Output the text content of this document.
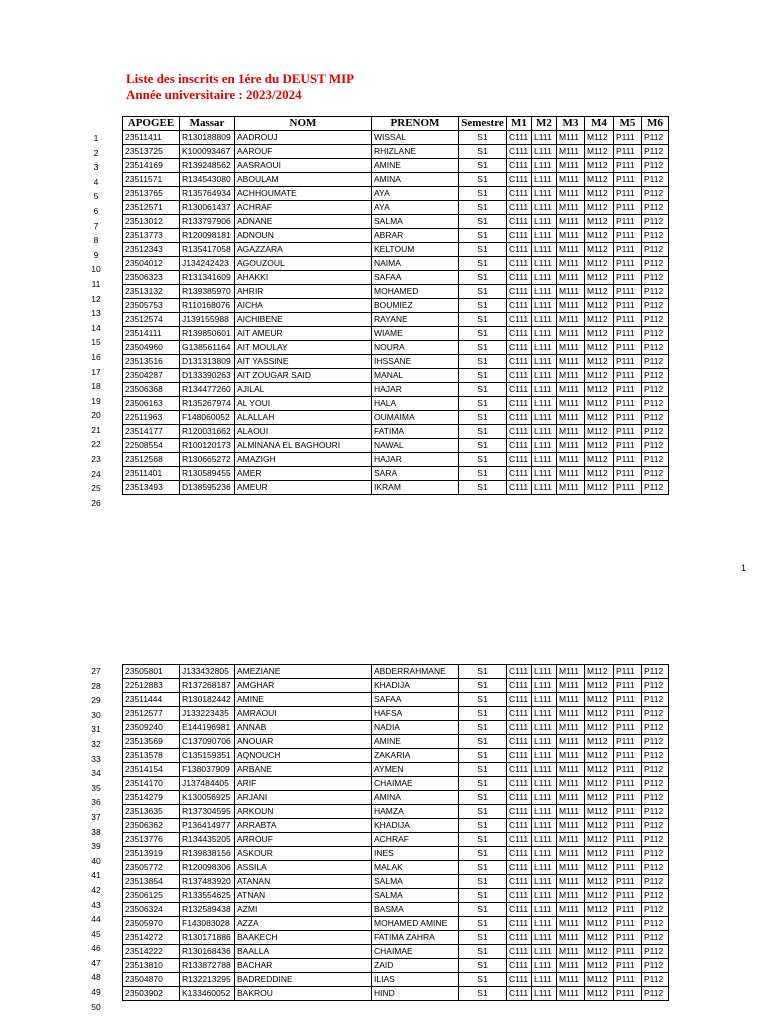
Liste des inscrits en 1ére du DEUST MIP
Année universitaire : 2023/2024
1
2
3
4
5
6
7
8
9
10
11
12
13
14
15
16
17
18
19
20
21
22
23
24
25
26
APOGEE	Massar	NOM	PRENOM	Semestre	M1	M2	M3	M4	M5	M6
23511411	R130188809	AADROUJ	WISSAL	S1	C111	L111	M111	M112	P111	P112
23513725	K100093467	AAROUF	RHIZLANE	S1	C111	L111	M111	M112	P111	P112
23514169	R139248562	AASRAOUI	AMINE	S1	C111	L111	M111	M112	P111	P112
23511571	R134543080	ABOULAM	AMINA	S1	C111	L111	M111	M112	P111	P112
23513765	R135764934	ACHHOUMATE	AYA	S1	C111	L111	M111	M112	P111	P112
23512571	R130061437	ACHRAF	AYA	S1	C111	L111	M111	M112	P111	P112
23513012	R133797906	ADNANE	SALMA	S1	C111	L111	M111	M112	P111	P112
23513773	R120098181	ADNOUN	ABRAR	S1	C111	L111	M111	M112	P111	P112
23512343	R135417058	AGAZZARA	KELTOUM	S1	C111	L111	M111	M112	P111	P112
23504012	J134242423	AGOUZOUL	NAIMA	S1	C111	L111	M111	M112	P111	P112
23506323	R131341609	AHAKKI	SAFAA	S1	C111	L111	M111	M112	P111	P112
23513132	R139385970	AHRIR	MOHAMED	S1	C111	L111	M111	M112	P111	P112
23505753	R110168076	AICHA	BOUMIEZ	S1	C111	L111	M111	M112	P111	P112
23512574	J139155988	AICHIBENE	RAYANE	S1	C111	L111	M111	M112	P111	P112
23514111	R139850601	AIT AMEUR	WIAME	S1	C111	L111	M111	M112	P111	P112
23504960	G138561164	AIT MOULAY	NOURA	S1	C111	L111	M111	M112	P111	P112
23513516	D131313809	AIT YASSINE	IHSSANE	S1	C111	L111	M111	M112	P111	P112
23504287	D133390263	AIT ZOUGAR SAID	MANAL	S1	C111	L111	M111	M112	P111	P112
23506368	R134477260	AJILAL	HAJAR	S1	C111	L111	M111	M112	P111	P112
23506163	R135267974	AL YOUI	HALA	S1	C111	L111	M111	M112	P111	P112
22511963	F148060052	ALALLAH	OUMAIMA	S1	C111	L111	M111	M112	P111	P112
23514177	R120031662	ALAOUI	FATIMA	S1	C111	L111	M111	M112	P111	P112
22508554	R100120173	ALMINANA EL BAGHOURI	NAWAL	S1	C111	L111	M111	M112	P111	P112
23512568	R130665272	AMAZIGH	HAJAR	S1	C111	L111	M111	M112	P111	P112
23511401	R130589455	AMER	SARA	S1	C111	L111	M111	M112	P111	P112
23513493	D138595236	AMEUR	IKRAM	S1	C111	L111	M111	M112	P111	P112
1
27
28
29
30
31
32
33
34
35
36
37
38
39
40
41
42
43
44
45
46
47
48
49
50
23505801	J133432805	AMEZIANE	ABDERRAHMANE	S1	C111	L111	M111	M112	P111	P112
22512883	R137268187	AMGHAR	KHADIJA	S1	C111	L111	M111	M112	P111	P112
23511444	R130182442	AMINE	SAFAA	S1	C111	L111	M111	M112	P111	P112
23512577	J133223435	AMRAOUI	HAFSA	S1	C111	L111	M111	M112	P111	P112
23509240	E144196981	ANNAB	NADIA	S1	C111	L111	M111	M112	P111	P112
23513569	C137090706	ANOUAR	AMINE	S1	C111	L111	M111	M112	P111	P112
23513578	C135159351	AQNOUCH	ZAKARIA	S1	C111	L111	M111	M112	P111	P112
23514154	F138037909	ARBANE	AYMEN	S1	C111	L111	M111	M112	P111	P112
23514170	J137484405	ARIF	CHAIMAE	S1	C111	L111	M111	M112	P111	P112
23514279	K130056925	ARJANI	AMINA	S1	C111	L111	M111	M112	P111	P112
23513635	R137304595	ARKOUN	HAMZA	S1	C111	L111	M111	M112	P111	P112
23506362	P136414977	ARRABTA	KHADIJA	S1	C111	L111	M111	M112	P111	P112
23513776	R134435205	ARROUF	ACHRAF	S1	C111	L111	M111	M112	P111	P112
23513919	R139838156	ASKOUR	INES	S1	C111	L111	M111	M112	P111	P112
23505772	R120098306	ASSILA	MALAK	S1	C111	L111	M111	M112	P111	P112
23513854	R137483920	ATANAN	SALMA	S1	C111	L111	M111	M112	P111	P112
23506125	R133554625	ATNAN	SALMA	S1	C111	L111	M111	M112	P111	P112
23506324	R132589438	AZMI	BASMA	S1	C111	L111	M111	M112	P111	P112
23505970	F143083028	AZZA	MOHAMED AMINE	S1	C111	L111	M111	M112	P111	P112
23514272	R130171886	BAAKECH	FATIMA ZAHRA	S1	C111	L111	M111	M112	P111	P112
23514222	R130168436	BAALLA	CHAIMAE	S1	C111	L111	M111	M112	P111	P112
23513810	R133872788	BACHAR	ZAID	S1	C111	L111	M111	M112	P111	P112
23504870	R132213295	BADREDDINE	ILIAS	S1	C111	L111	M111	M112	P111	P112
23503902	K133460052	BAKROU	HIND	S1	C111	L111	M111	M112	P111	P112
